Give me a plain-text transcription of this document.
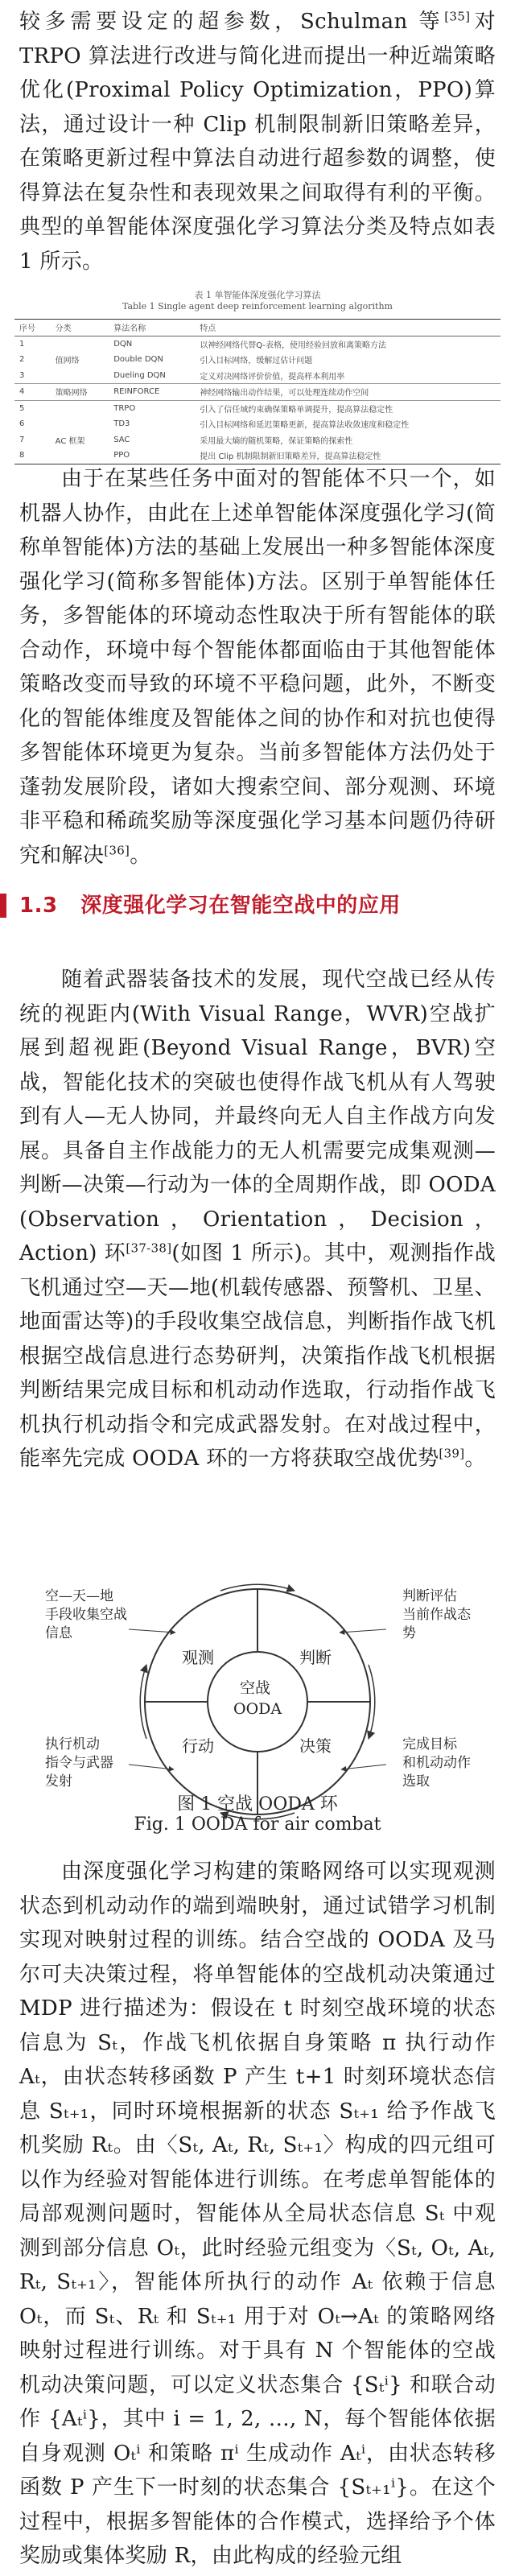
较多需要设定的超参数，Schulman 等[35]对 TRPO 算法进行改进与简化进而提出一种近端策略优化(Proximal Policy Optimization，PPO)算法，通过设计一种 Clip 机制限制新旧策略差异，在策略更新过程中算法自动进行超参数的调整，使得算法在复杂性和表现效果之间取得有利的平衡。典型的单智能体深度强化学习算法分类及特点如表 1 所示。

表 1 单智能体深度强化学习算法
Table 1 Single agent deep reinforcement learning algorithm
序号	分类	算法名称	特点
1		DQN	以神经网络代替Q-表格，使用经验回放和离策略方法
2	值网络	Double DQN	引入目标网络，缓解过估计问题
3		Dueling DQN	定义对决网络评价价值，提高样本利用率
4	策略网络	REINFORCE	神经网络输出动作结果，可以处理连续动作空间
5		TRPO	引入了信任域约束确保策略单调提升，提高算法稳定性
6		TD3	引入目标网络和延迟策略更新，提高算法收敛速度和稳定性
7	AC 框架	SAC	采用最大熵的随机策略，保证策略的探索性
8		PPO	提出 Clip 机制限制新旧策略差异，提高算法稳定性

由于在某些任务中面对的智能体不只一个，如机器人协作，由此在上述单智能体深度强化学习(简称单智能体)方法的基础上发展出一种多智能体深度强化学习(简称多智能体)方法。区别于单智能体任务，多智能体的环境动态性取决于所有智能体的联合动作，环境中每个智能体都面临由于其他智能体策略改变而导致的环境不平稳问题，此外，不断变化的智能体维度及智能体之间的协作和对抗也使得多智能体环境更为复杂。当前多智能体方法仍处于蓬勃发展阶段，诸如大搜索空间、部分观测、环境非平稳和稀疏奖励等深度强化学习基本问题仍待研究和解决[36]。

1.3 深度强化学习在智能空战中的应用

随着武器装备技术的发展，现代空战已经从传统的视距内(With Visual Range，WVR)空战扩展到超视距(Beyond Visual Range，BVR)空战，智能化技术的突破也使得作战飞机从有人驾驶到有人—无人协同，并最终向无人自主作战方向发展。具备自主作战能力的无人机需要完成集观测—判断—决策—行动为一体的全周期作战，即 OODA (Observation，Orientation，Decision，Action) 环[37-38](如图 1 所示)。其中，观测指作战飞机通过空—天—地(机载传感器、预警机、卫星、地面雷达等)的手段收集空战信息，判断指作战飞机根据空战信息进行态势研判，决策指作战飞机根据判断结果完成目标和机动动作选取，行动指作战飞机执行机动指令和完成武器发射。在对战过程中，能率先完成 OODA 环的一方将获取空战优势[39]。

空战
OODA
观测	判断
决策
行动
空—天—地
手段收集空战
信息
判断评估
当前作战态
势
执行机动
指令与武器
发射
完成目标
和机动动作
选取
图 1 空战 OODA 环
Fig. 1 OODA for air combat

由深度强化学习构建的策略网络可以实现观测状态到机动动作的端到端映射，通过试错学习机制实现对映射过程的训练。结合空战的 OODA 及马尔可夫决策过程，将单智能体的空战机动决策通过 MDP 进行描述为：假设在 t 时刻空战环境的状态信息为 Sₜ，作战飞机依据自身策略 π 执行动作 Aₜ，由状态转移函数 P 产生 t+1 时刻环境状态信息 Sₜ₊₁，同时环境根据新的状态 Sₜ₊₁ 给予作战飞机奖励 Rₜ。由〈Sₜ, Aₜ, Rₜ, Sₜ₊₁〉构成的四元组可以作为经验对智能体进行训练。在考虑单智能体的局部观测问题时，智能体从全局状态信息 Sₜ 中观测到部分信息 Oₜ，此时经验元组变为〈Sₜ, Oₜ, Aₜ, Rₜ, Sₜ₊₁〉，智能体所执行的动作 Aₜ 依赖于信息 Oₜ，而 Sₜ、Rₜ 和 Sₜ₊₁ 用于对 Oₜ→Aₜ 的策略网络映射过程进行训练。对于具有 N 个智能体的空战机动决策问题，可以定义状态集合 {Sₜⁱ} 和联合动作 {Aₜⁱ}，其中 i = 1, 2, …, N，每个智能体依据自身观测 Oₜⁱ 和策略 πⁱ 生成动作 Aₜⁱ，由状态转移函数 P 产生下一时刻的状态集合 {Sₜ₊₁ⁱ}。在这个过程中，根据多智能体的合作模式，选择给予个体奖励或集体奖励 R，由此构成的经验元组
